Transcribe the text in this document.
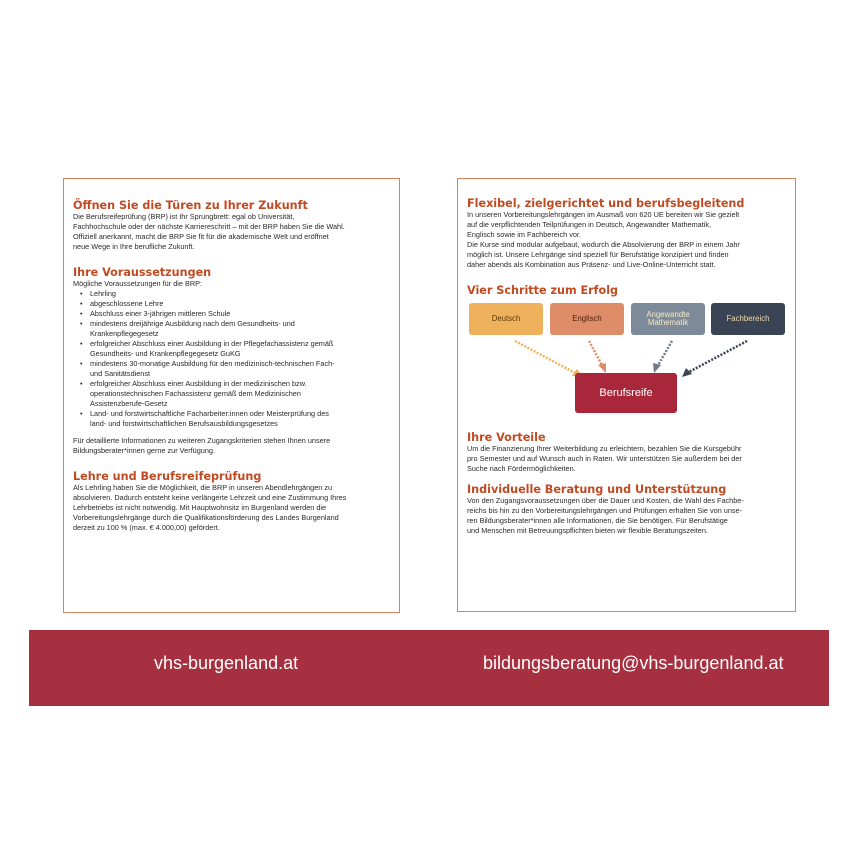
Öffnen Sie die Türen zu Ihrer Zukunft

Die Berufsreifeprüfung (BRP) ist Ihr Sprungbrett: egal ob Universität,
Fachhochschule oder der nächste Karriereschritt – mit der BRP haben Sie die Wahl.
Offiziell anerkannt, macht die BRP Sie fit für die akademische Welt und eröffnet
neue Wege in Ihre berufliche Zukunft.

Ihre Voraussetzungen

Mögliche Voraussetzungen für die BRP:

• Lehrling
• abgeschlossene Lehre
• Abschluss einer 3-jährigen mittleren Schule
• mindestens dreijährige Ausbildung nach dem Gesundheits- und
Krankenpflegegesetz
• erfolgreicher Abschluss einer Ausbildung in der Pflegefachassistenz gemäß
Gesundheits- und Krankenpflegegesetz GuKG
• mindestens 30-monatige Ausbildung für den medizinisch-technischen Fach-
und Sanitätsdienst
• erfolgreicher Abschluss einer Ausbildung in der medizinischen bzw.
operationstechnischen Fachassistenz gemäß dem Medizinischen
Assistenzberufe-Gesetz
• Land- und forstwirtschaftliche Facharbeiter:innen oder Meisterprüfung des
land- und forstwirtschaftlichen Berufsausbildungsgesetzes

Für detaillierte Informationen zu weiteren Zugangskriterien stehen Ihnen unsere
Bildungsberater*innen gerne zur Verfügung.

Lehre und Berufsreifeprüfung

Als Lehrling haben Sie die Möglichkeit, die BRP in unseren Abendlehrgängen zu
absolvieren. Dadurch entsteht keine verlängerte Lehrzeit und eine Zustimmung Ihres
Lehrbetriebs ist nicht notwendig. Mit Hauptwohnsitz im Burgenland werden die
Vorbereitungslehrgänge durch die Qualifikationsförderung des Landes Burgenland
derzeit zu 100 % (max. € 4.000,00) gefördert.

Flexibel, zielgerichtet und berufsbegleitend

In unseren Vorbereitungslehrgängen im Ausmaß von 620 UE bereiten wir Sie gezielt
auf die verpflichtenden Teilprüfungen in Deutsch, Angewandter Mathematik,
Englisch sowie im Fachbereich vor.
Die Kurse sind modular aufgebaut, wodurch die Absolvierung der BRP in einem Jahr
möglich ist. Unsere Lehrgänge sind speziell für Berufstätige konzipiert und finden
daher abends als Kombination aus Präsenz- und Live-Online-Unterricht statt.

Vier Schritte zum Erfolg
Deutsch	Englisch	Angewandte
Mathematik	Fachbereich
Berufsreife
Ihre Vorteile

Um die Finanzierung Ihrer Weiterbildung zu erleichtern, bezahlen Sie die Kursgebühr
pro Semester und auf Wunsch auch in Raten. Wir unterstützen Sie außerdem bei der
Suche nach Fördermöglichkeiten.

Individuelle Beratung und Unterstützung

Von den Zugangsvoraussetzungen über die Dauer und Kosten, die Wahl des Fachbe-
reichs bis hin zu den Vorbereitungslehrgängen und Prüfungen erhalten Sie von unse-
ren Bildungsberater*innen alle Informationen, die Sie benötigen. Für Berufstätige
und Menschen mit Betreuungspflichten bieten wir flexible Beratungszeiten.

vhs-burgenland.at	bildungsberatung@vhs-burgenland.at
